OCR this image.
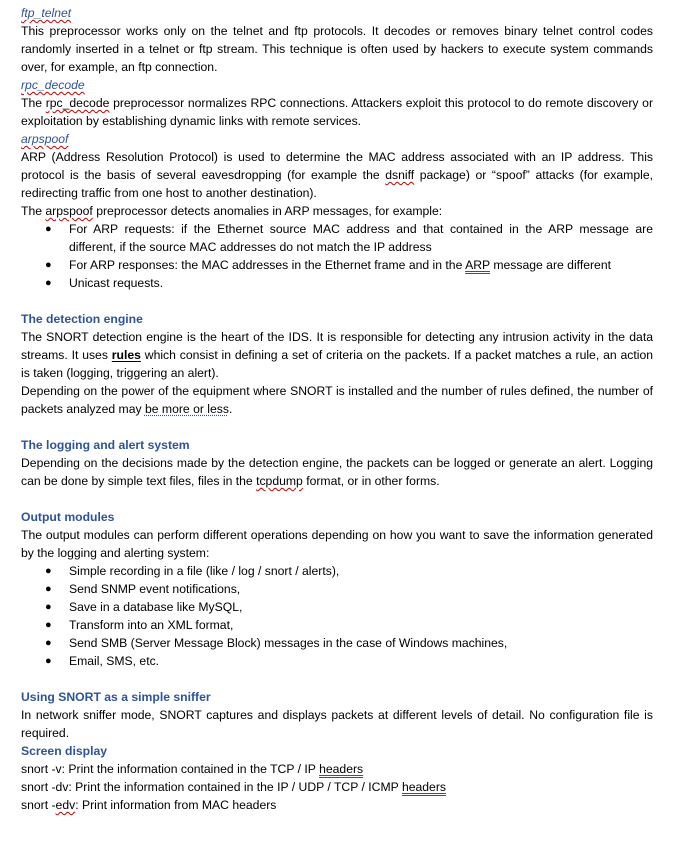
ftp_telnet

This preprocessor works only on the telnet and ftp protocols. It decodes or removes binary telnet control codes randomly inserted in a telnet or ftp stream. This technique is often used by hackers to execute system commands over, for example, an ftp connection.

rpc_decode

The rpc_decode preprocessor normalizes RPC connections. Attackers exploit this protocol to do remote discovery or exploitation by establishing dynamic links with remote services.

arpspoof

ARP (Address Resolution Protocol) is used to determine the MAC address associated with an IP address. This protocol is the basis of several eavesdropping (for example the dsniff package) or “spoof” attacks (for example, redirecting traffic from one host to another destination).

The arpspoof preprocessor detects anomalies in ARP messages, for example:

● For ARP requests: if the Ethernet source MAC address and that contained in the ARP message are different, if the source MAC addresses do not match the IP address
● For ARP responses: the MAC addresses in the Ethernet frame and in the ARP message are different
● Unicast requests.
The detection engine

The SNORT detection engine is the heart of the IDS. It is responsible for detecting any intrusion activity in the data streams. It uses rules which consist in defining a set of criteria on the packets. If a packet matches a rule, an action is taken (logging, triggering an alert).

Depending on the power of the equipment where SNORT is installed and the number of rules defined, the number of packets analyzed may be more or less.

The logging and alert system

Depending on the decisions made by the detection engine, the packets can be logged or generate an alert. Logging can be done by simple text files, files in the tcpdump format, or in other forms.

Output modules

The output modules can perform different operations depending on how you want to save the information generated by the logging and alerting system:

● Simple recording in a file (like / log / snort / alerts),
● Send SNMP event notifications,
● Save in a database like MySQL,
● Transform into an XML format,
● Send SMB (Server Message Block) messages in the case of Windows machines,
● Email, SMS, etc.
Using SNORT as a simple sniffer

In network sniffer mode, SNORT captures and displays packets at different levels of detail. No configuration file is required.

Screen display

snort -v: Print the information contained in the TCP / IP headers

snort -dv: Print the information contained in the IP / UDP / TCP / ICMP headers

snort -edv: Print information from MAC headers
